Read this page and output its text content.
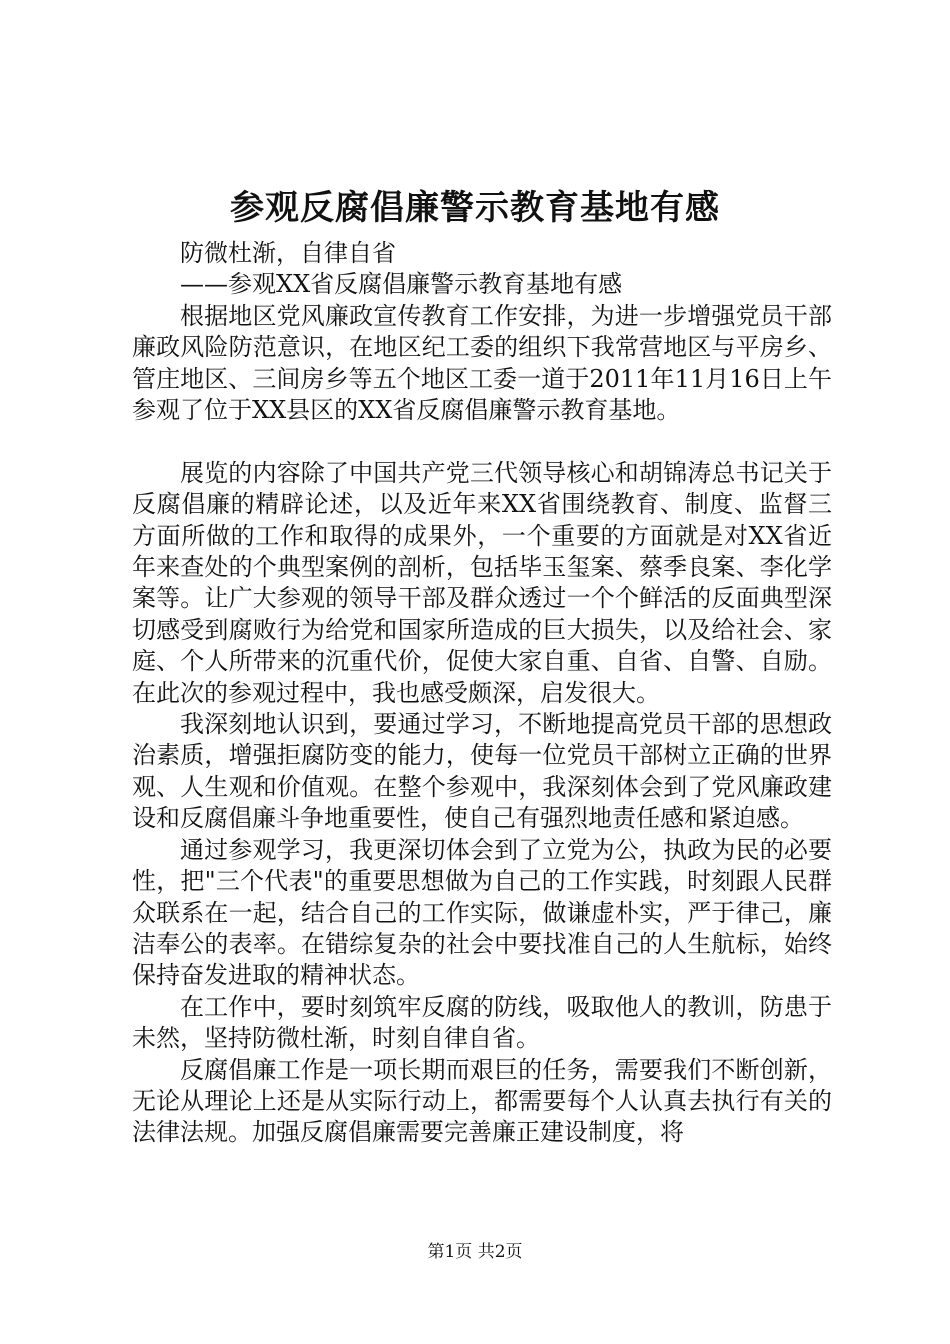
参观反腐倡廉警示教育基地有感

防微杜渐，自律自省

——参观XX省反腐倡廉警示教育基地有感

根据地区党风廉政宣传教育工作安排，为进一步增强党员干部廉政风险防范意识，在地区纪工委的组织下我常营地区与平房乡、管庄地区、三间房乡等五个地区工委一道于2011年11月16日上午参观了位于XX县区的XX省反腐倡廉警示教育基地。

展览的内容除了中国共产党三代领导核心和胡锦涛总书记关于反腐倡廉的精辟论述，以及近年来XX省围绕教育、制度、监督三方面所做的工作和取得的成果外，一个重要的方面就是对XX省近年来查处的个典型案例的剖析，包括毕玉玺案、蔡季良案、李化学案等。让广大参观的领导干部及群众透过一个个鲜活的反面典型深切感受到腐败行为给党和国家所造成的巨大损失，以及给社会、家庭、个人所带来的沉重代价，促使大家自重、自省、自警、自励。在此次的参观过程中，我也感受颇深，启发很大。

我深刻地认识到，要通过学习，不断地提高党员干部的思想政治素质，增强拒腐防变的能力，使每一位党员干部树立正确的世界观、人生观和价值观。在整个参观中，我深刻体会到了党风廉政建设和反腐倡廉斗争地重要性，使自己有强烈地责任感和紧迫感。

通过参观学习，我更深切体会到了立党为公，执政为民的必要性，把"三个代表"的重要思想做为自己的工作实践，时刻跟人民群众联系在一起，结合自己的工作实际，做谦虚朴实，严于律己，廉洁奉公的表率。在错综复杂的社会中要找准自己的人生航标，始终保持奋发进取的精神状态。

在工作中，要时刻筑牢反腐的防线，吸取他人的教训，防患于未然，坚持防微杜渐，时刻自律自省。

反腐倡廉工作是一项长期而艰巨的任务，需要我们不断创新，无论从理论上还是从实际行动上，都需要每个人认真去执行有关的法律法规。加强反腐倡廉需要完善廉正建设制度，将

第1页 共2页
